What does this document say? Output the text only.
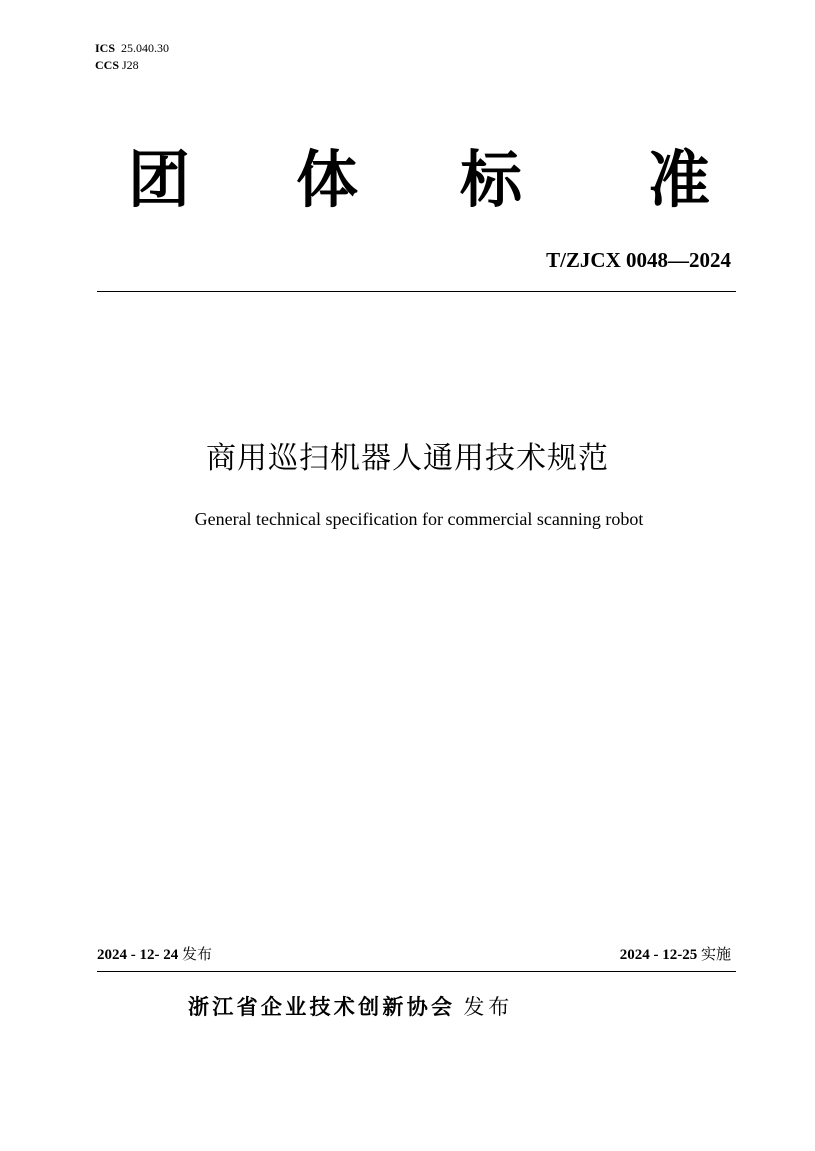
ICS 25.040.30
CCS J28
团 体 标 准
T/ZJCX 0048—2024
商用巡扫机器人通用技术规范
General technical specification for commercial scanning robot
2024 - 12- 24 发布	2024 - 12-25 实施
浙江省企业技术创新协会 发布
